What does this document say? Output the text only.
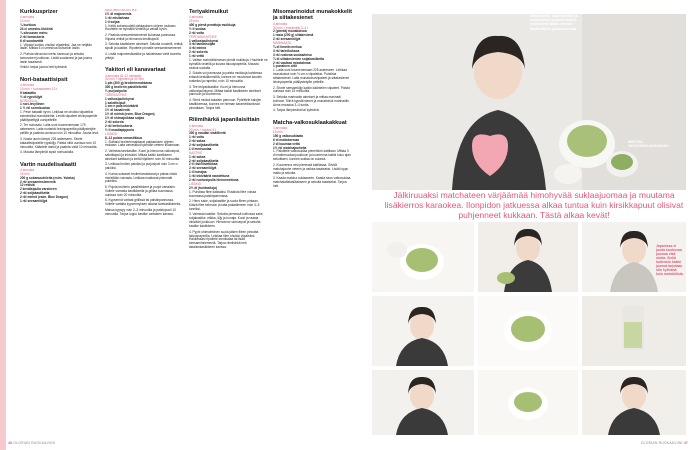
Kurkkusprizer
4 annosta
10 min
¼ kurkkua
24 cl umeshu-likööriä
¼ sitruunan mehu
2 rkl tomaskeria
6 dl soodavettä
1. Viipaloi kurkku ohuiksi viipaleiksi. Jaa ne neljään lasiin. Mittaa 6 cl umeshua kuhunkin lasiin.
2. Purista sitruunan mehu kannuun ja sekoita tomusokeri joukkoon. Lisää soodavesi ja jaa juoma lasiin tasaisesti.
Vinkki: tarjoa juoma heti kylmänä.
Nori-bataattisipsit
4 annosta
15 min + tuorastamen 13 t
5 bataattia
½ dl rypsiöljyä
NORIOGLA
1 nori-levyllinen
1 ½ rkl sormisuolaa
1. Pese bataatit hyvin. Leikkaa ne ohuiksi viipaleiksi esimerkiksi mandoliinilla. Levitä viipaleet leivinpaperille pääillystettyjä uunipelleille.
2. Ter noriosalo. Laita uuni kuumenemaan 175 asteeseen. Laita noriarkki leivinpaperilla päällystetylle pellille ja paahda uunissa noin 10 minuuttia. Jauha levä.
3. Nosta uunin lämpö 225 asteeseen. Sivele bataattiviipaleille rypsiöljy. Paista niitä uunissa noin 10 minuuttia. Kääntele lastut ja paahda vielä 10 minuuttia.
4. Mausta lämpimät sipsit norisuolalla.
Vartin nuudelisalaatti
4 annosta
15 min
200 g sobanuudeleita (esim. Yutaka)
2 rkl seesaminsiemeniä
12 retiisiä
2 kevätsipulia varsineen
2 rkl soijakastiketta
2 rkl mirinä (esim. Blue Dragon)
1 rkl seesamiöljyä
MAJONEESIKASTIKE
1½ dl majoneesia
1 rkl misitahnaa
1 tl soijaa
1. Keitä sobanuudelit pakkauksen ohjeen mukaan. Huuhtele ne kylmällä vedellä ja valuta hyvin.
2. Paahda seesaminsiemenet kuivassa pannussa. Viipaloi retiisit ja hienonna kevätsipulit.
3. Sekoita kastikkeen ainekset. Sekoita nuudelit, retiisit, sipulit ja kastike. Ripottele pinnalle seesaminsiemenet.
4. Lisää majoneesikastike ja halutessasi vielä tuoreita yrttejä.
Yakitori eli kanavartaat
4 annosta (8–12 vartasta)
30 min + kypsennys 40 min
1 pkt (300 g) broilerinmakkaraa
300 g broilerin paistileikettä
½ purjosipulia
TAREKASTIKE
1 valkosipulinkynsi
1 salottisipuli
1 cm:n pala inkivääriä
1½ dl kanalientä
1½ dl mirinä (esim. Blue Dragon)
1½ dl shimajoikkaa soijaa
2 rkl sokeria
2 rkl teriinisokeria
½ tl maaitapippuria
LISÄKSI
8–12 puista varrastikkua
1. Suikaloi broilerinmakkarat pakkauksen ohjeen mukaan. Laita varrastikut kylmään veteen likoamaan.
2. Valmista tarekastike. Kuori ja hienonna valkosipuli, salottisipuli ja inkivääri. Mittaa kaikki kastikkeen ainekset kattilaan ja keitä hiljalleen noin 40 minuuttia.
3. Leikkaa broileri paloiksi ja purjosipuli noin 3 cm:n paloiksi.
4. Kunsa suisanet broilerinmakkarat ja paista niistä mielellään varrasta. Leikkaa makkarat pisimmät pukeiksi.
5. Pujota broilerin paistileikkeet ja purjot vartaisiin. Voitele varrasta kastikkeella ja grillaa kuumassa uunissa noin 20 minuuttia.
6. Kypsennä vartaat grillissä tai paistinpannussa. Voitele vartaita kypsennyksen aikana tarekastikkeella.
Makua kypsyy noin 2–3 minuuttia ja paistopuoli 10 minuuttia. Tarjoa loppu kastike vartaiden kanssa.
Teriyakimuikut
4 annosta
25 min
400 g pienä perattuja muikkuja
½ tl suolaa
2 rkl voita
TERIYAKIKASTIKE
1 valkosipulinkynsi
4 rkl tamarisoijaa
4 rkl mirinä
2 rkl sokeria
1 rkl vettä
1. Valitse mahdollisimman pieniä muikkuja. Huuhtele ne kylmällä vedellä ja kuivaa talouspaperilla. Mausta muikut suolalla.
2. Sulata voi pannussa ja paista muikkuja kahdessa erässä keskilämmöllä, kunnes ne muuttuvat kauniin ruskeiksi ja rapeiksi, noin 10 minuuttia.
3. Tee teriyakikastike. Kuori ja hienonna valkosipulinkynsi. Mittaa kaikki kastikkeen ainekset pannuun ja kuumenna.
4. Siirrä muikut takaisin pannuun. Pyörittele kalojen kastikkeessa, kunnes ne hieman karamellisoituvat pinnaltaan. Tarjoa heti.
Riiimihärkä japanilaisittain
4 annosta
20 min + tajotus 5 t
300 g naudan sisäfileetä
1 rkl voita
2 rkl sakea
2 rkl soijakastiketta
1 tl merisuolaa
KASTIKE
1 rkl sakea
2 rkl soijakastiketta
2 tl riisiviinietikkaa
2 rkl seesamiöljyä
1 tl hunajaa
1 rkl inkivääriä raastettuna
2 rkl ruohosipulia hienonnettuna
LISÄKSI
2½ dl (tonitasiloja)
1. Puhdista filee kaistaiksi. Ruskista filee voissa kuumassa paistinpannussa.
2. Hiero sake, soijakastike ja suola fileen pintaan. Käärä filee kelmuun ja laita pakastimeen noin 4–5 tunniksi.
3. Valmista kastike. Sekoita pienessä kulhossa sake, soijakastike, etikka, öljy ja hunaja. Kuori ja raasta inkivääri joukkoon. Hienonna ruohosipuli ja sekoita kastike kastikkeen.
4. Pyyhi ohimalmiinen suola jäisen fileen pinnalta talouspaperilla. Leikkaa filee ohuiksi viipaleiksi. Halutessasi ripottele tonnikalaa tai lisää seesaminsiemeniä. Tarjoa riimihärkä heti takaisinkastikkeen kanssa.
Misomarinoidut munakokkelit ja siitakesienet
4 annosta
30 min + marinointi 3–4 t
2 (pientä) munakoisoa
1 rasia (200 g) siitakesienä
2 rkl seesamiöljyä
MARINAATA
¾ dl limetin mehua
3 rkl tarinikoksoa
3 rkl ruskeaa suolaa/miso
¾ dl siitakesienien soijakastiketta
2 rkl vaaleaa misotahnaa
1 punainen chili
1. Laita uuni kuumenemaan 225 asteeseen. Leikkaa munakoisot noin ½ cm:n viipaleiksi. Puhdista siitakesienet. Laita munakoisoviipaleet ja siitakesienet leivinpaperilla päällystetyille pelleille.
2. Sivele seesamiöljy kaikin kääntelen viipaleet. Paista uunissa noin 15 minuuttia.
3. Sekoita marinadin ainekset ja mittaa marinadi kulhoon. Siirrä kypsät sienet ja munakoisot marinadiin. Anna maustua 3–4 tuntia.
4. Tarjoa lämpimänä tai kylmänä.
Matcha-valkosuklaakakkuat
4 annosta
15 min
150 g valkosuklaata
6 dl maitokermaa
2 dl kuumaa vettä
1½ rkl matchajauheita
1. Paloittele valkosuklaa pienehkön kattilaan. Mittaa 3 dl maitorsuolaa joukkoon ja kuumenna kaikki koko ajan sekoittaen, kunnes suklaa on sulanut.
2. Kuumenna vesi pienessä kattilassa. Siivilöi matchajauhe veteen ja vatkaa tasaiseksi. Lisää loppu maito ja sekoita.
3. Kaada matcha suklaaseen. Kaada seos valkosuklaa-matchalattelasilkakseen ja sekoita tasaiseksi. Tarjoa heti.
Matchalatte, mantelimaito ja valkosuklaa sopivat mainio yhdistelmä tähän aterian täydentäjien pikkuluksusta.
MATCHA-VALKOSUKLAAKAAKAO
Jälkiruuaksi matchateen värjäämää himohyvää suklaajuomaa ja muutama lisäkierros karaokea. Ilonpidon jatkuessa alkaa tuntua kuin kirsikkapuut olisivat puhjenneet kukkaan. Tästä alkaa kevät!
Japanissa ei juoda kuohuvaa juomaa eikä olutta. Siellä kuitenkin kaikki juomat tarjotaan niin kylmänä kuin mahdollista.
46 GLORIAN RUOKA&VIINI	GLORIAN RUOKA&VIINI 47
